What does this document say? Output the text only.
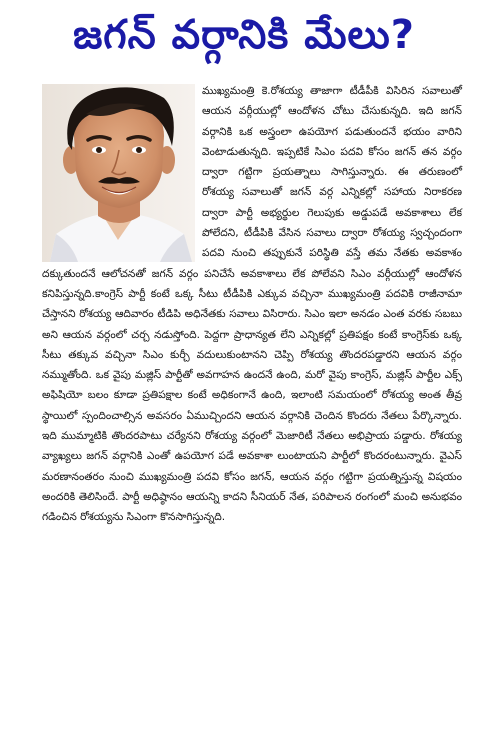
జగన్ వర్గానికి మేలు?

ముఖ్యమంత్రి కె.రోశయ్య తాజాగా టీడీపీకి విసిరిన సవాలుతో ఆయన వర్గీయుల్లో ఆందోళన చోటు చేసుకున్నది. ఇది జగన్ వర్గానికి ఒక అస్త్రంలా ఉపయోగ పడుతుందనే భయం వారిని వెంటాడుతున్నది. ఇప్పటికే సిఎం పదవి కోసం జగన్ తన వర్గం ద్వారా గట్టిగా ప్రయత్నాలు సాగిస్తున్నారు. ఈ తరుణంలో రోశయ్య సవాలుతో జగన్ వర్గ ఎన్నికల్లో సహాయ నిరాకరణ ద్వారా పార్టీ అభ్యర్థుల గెలుపుకు అడ్డుపడే అవకాశాలు లేక పోలేదని, టీడీపికి వేసిన సవాలు ద్వారా రోశయ్య స్వచ్చందంగా పదవి నుంచి తప్పుకునే పరిస్థితి వస్తే తమ నేతకు అవకాశం దక్కుతుందనే ఆలోచనతో జగన్ వర్గం పనిచేసే అవకాశాలు లేక పోలేవని సిఎం వర్గీయుల్లో ఆందోళన కనిపిస్తున్నది.కాంగ్రెస్ పార్టీ కంటే ఒక్క సీటు టీడీపికి ఎక్కువ వచ్చినా ముఖ్యమంత్రి పదవికి రాజీనామా చేస్తానని రోశయ్య ఆదివారం టీడిపి అధినేతకు సవాలు విసిరారు. సిఎం ఇలా అనడం ఎంత వరకు సబబు అని ఆయన వర్గంలో చర్చ నడుస్తోంది. పెద్దగా ప్రాధాన్యత లేని ఎన్నికల్లో ప్రతిపక్షం కంటే కాంగ్రెస్‌కు ఒక్క సీటు తక్కువ వచ్చినా సిఎం కుర్చీ వదులుకుంటానని చెప్పి రోశయ్య తొందరపడ్డారని ఆయన వర్గం నమ్ముతోంది. ఒక వైపు మజ్లిస్ పార్టీతో అవగాహన ఉందనే ఉంది, మరో వైపు కాంగ్రెస్, మజ్లిస్ పార్టీల ఎక్స్ అఫిషియో బలం కూడా ప్రతిపక్షాల కంటే అధికంగానే ఉంది, ఇలాంటి సమయంలో రోశయ్య అంత తీవ్ర స్థాయిలో స్పందించాల్సిన అవసరం ఏముచ్చిందని ఆయన వర్గానికి చెందిన కొందరు నేతలు పేర్కొన్నారు. ఇది ముమ్మాటికి తొందరపాటు చర్యేనని రోశయ్య వర్గంలో మెజారిటీ నేతలు అభిప్రాయ పడ్డారు. రోశయ్య వ్యాఖ్యలు జగన్ వర్గానికి ఎంతో ఉపయోగ పడే అవకాశా లుంటాయని పార్టీలో కొందరంటున్నారు. వైఎస్ మరణానంతరం నుంచి ముఖ్యమంత్రి పదవి కోసం జగన్, ఆయన వర్గం గట్టిగా ప్రయత్నిస్తున్న విషయం అందరికి తెలిసిందే. పార్టీ అధిష్ఠానం ఆయన్ని కాదని సీనియర్ నేత, పరిపాలన రంగంలో మంచి అనుభవం గడించిన రోశయ్యను సిఎంగా కొనసాగిస్తున్నది.
